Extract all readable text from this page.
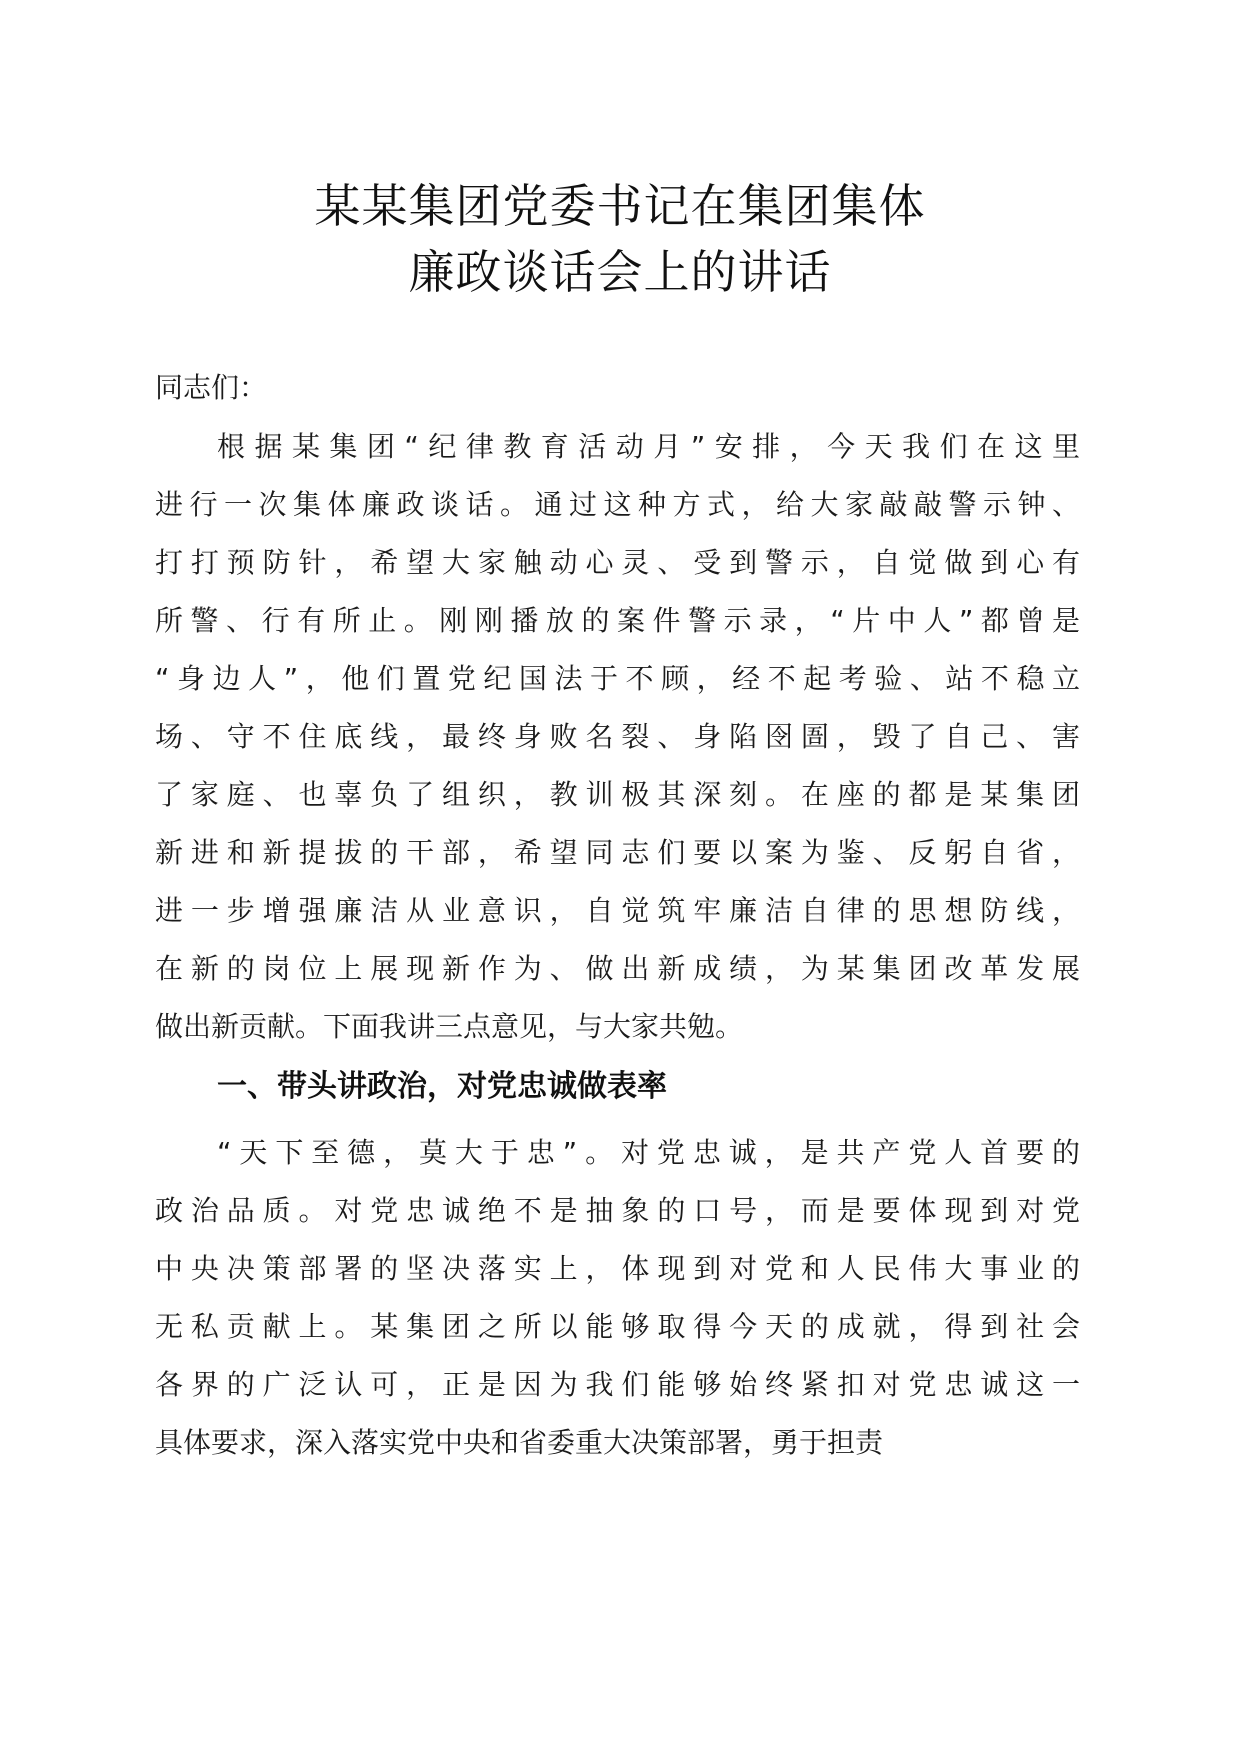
某某集团党委书记在集团集体
廉政谈话会上的讲话
同志们：
根据某集团“纪律教育活动月”安排，今天我们在这里
进行一次集体廉政谈话。通过这种方式，给大家敲敲警示钟、
打打预防针，希望大家触动心灵、受到警示，自觉做到心有
所警、行有所止。刚刚播放的案件警示录，“片中人”都曾是
“身边人”，他们置党纪国法于不顾，经不起考验、站不稳立
场、守不住底线，最终身败名裂、身陷囹圄，毁了自己、害
了家庭、也辜负了组织，教训极其深刻。在座的都是某集团
新进和新提拔的干部，希望同志们要以案为鉴、反躬自省，
进一步增强廉洁从业意识，自觉筑牢廉洁自律的思想防线，
在新的岗位上展现新作为、做出新成绩，为某集团改革发展
做出新贡献。下面我讲三点意见，与大家共勉。
一、带头讲政治，对党忠诚做表率
“天下至德，莫大于忠”。对党忠诚，是共产党人首要的
政治品质。对党忠诚绝不是抽象的口号，而是要体现到对党
中央决策部署的坚决落实上，体现到对党和人民伟大事业的
无私贡献上。某集团之所以能够取得今天的成就，得到社会
各界的广泛认可，正是因为我们能够始终紧扣对党忠诚这一
具体要求，深入落实党中央和省委重大决策部署，勇于担责
